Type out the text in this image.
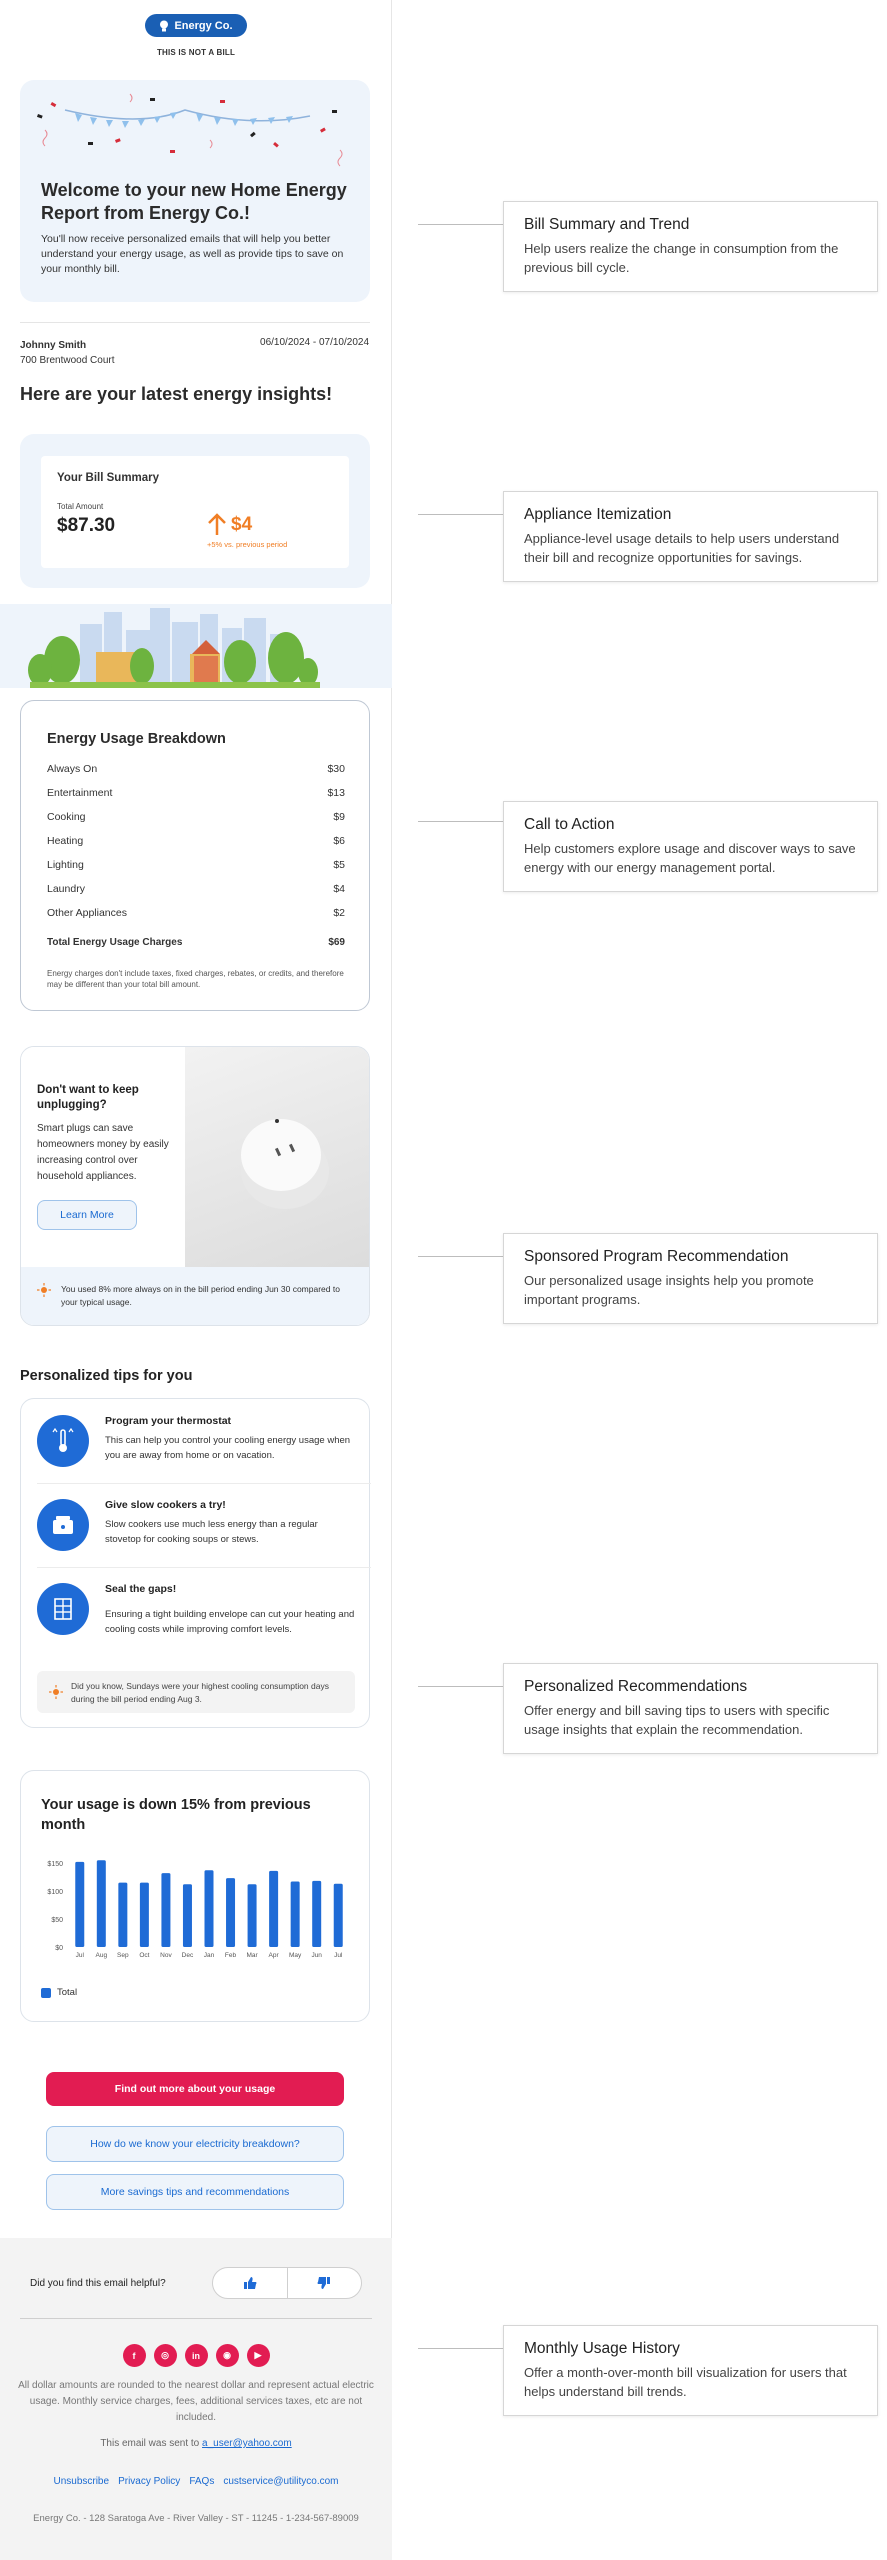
Energy Co.
THIS IS NOT A BILL
Welcome to your new Home Energy Report from Energy Co.!

You'll now receive personalized emails that will help you better understand your energy usage, as well as provide tips to save on your monthly bill.

Johnny Smith
700 Brentwood Court
06/10/2024 - 07/10/2024
Here are your latest energy insights!
Your Bill Summary
Total Amount
$87.30	$4
+5% vs. previous period
Energy Usage Breakdown
Always On	$30
Entertainment	$13
Cooking	$9
Heating	$6
Lighting	$5
Laundry	$4
Other Appliances	$2
Total Energy Usage Charges	$69
Energy charges don't include taxes, fixed charges, rebates, or credits, and therefore may be different than your total bill amount.
Don't want to keep unplugging?
Smart plugs can save homeowners money by easily increasing control over household appliances.
Learn More
You used 8% more always on in the bill period ending Jun 30 compared to your typical usage.
Personalized tips for you
Program your thermostat
This can help you control your cooling energy usage when you are away from home or on vacation.
Give slow cookers a try!
Slow cookers use much less energy than a regular stovetop for cooking soups or stews.
Seal the gaps!
Ensuring a tight building envelope can cut your heating and cooling costs while improving comfort levels.
Did you know, Sundays were your highest cooling consumption days during the bill period ending Aug 3.
Your usage is down 15% from previous month
$0
$50
$100
$150
Jul Aug Sep Oct Nov Dec Jan Feb Mar Apr May Jun Jul
Total
Find out more about your usage
How do we know your electricity breakdown?
More savings tips and recommendations
Did you find this email helpful?
f	◎	in	◉	▶
All dollar amounts are rounded to the nearest dollar and represent actual electric usage. Monthly service charges, fees, additional services taxes, etc are not included.
This email was sent to a_user@yahoo.com
Unsubscribe Privacy Policy FAQs custservice@utilityco.com
Energy Co. - 128 Saratoga Ave - River Valley - ST - 11245 - 1-234-567-89009
Bill Summary and Trend
Help users realize the change in consumption from the previous bill cycle.
Appliance Itemization
Appliance-level usage details to help users understand their bill and recognize opportunities for savings.
Call to Action
Help customers explore usage and discover ways to save energy with our energy management portal.
Sponsored Program Recommendation
Our personalized usage insights help you promote important programs.
Personalized Recommendations
Offer energy and bill saving tips to users with specific usage insights that explain the recommendation.
Monthly Usage History
Offer a month-over-month bill visualization for users that helps understand bill trends.
